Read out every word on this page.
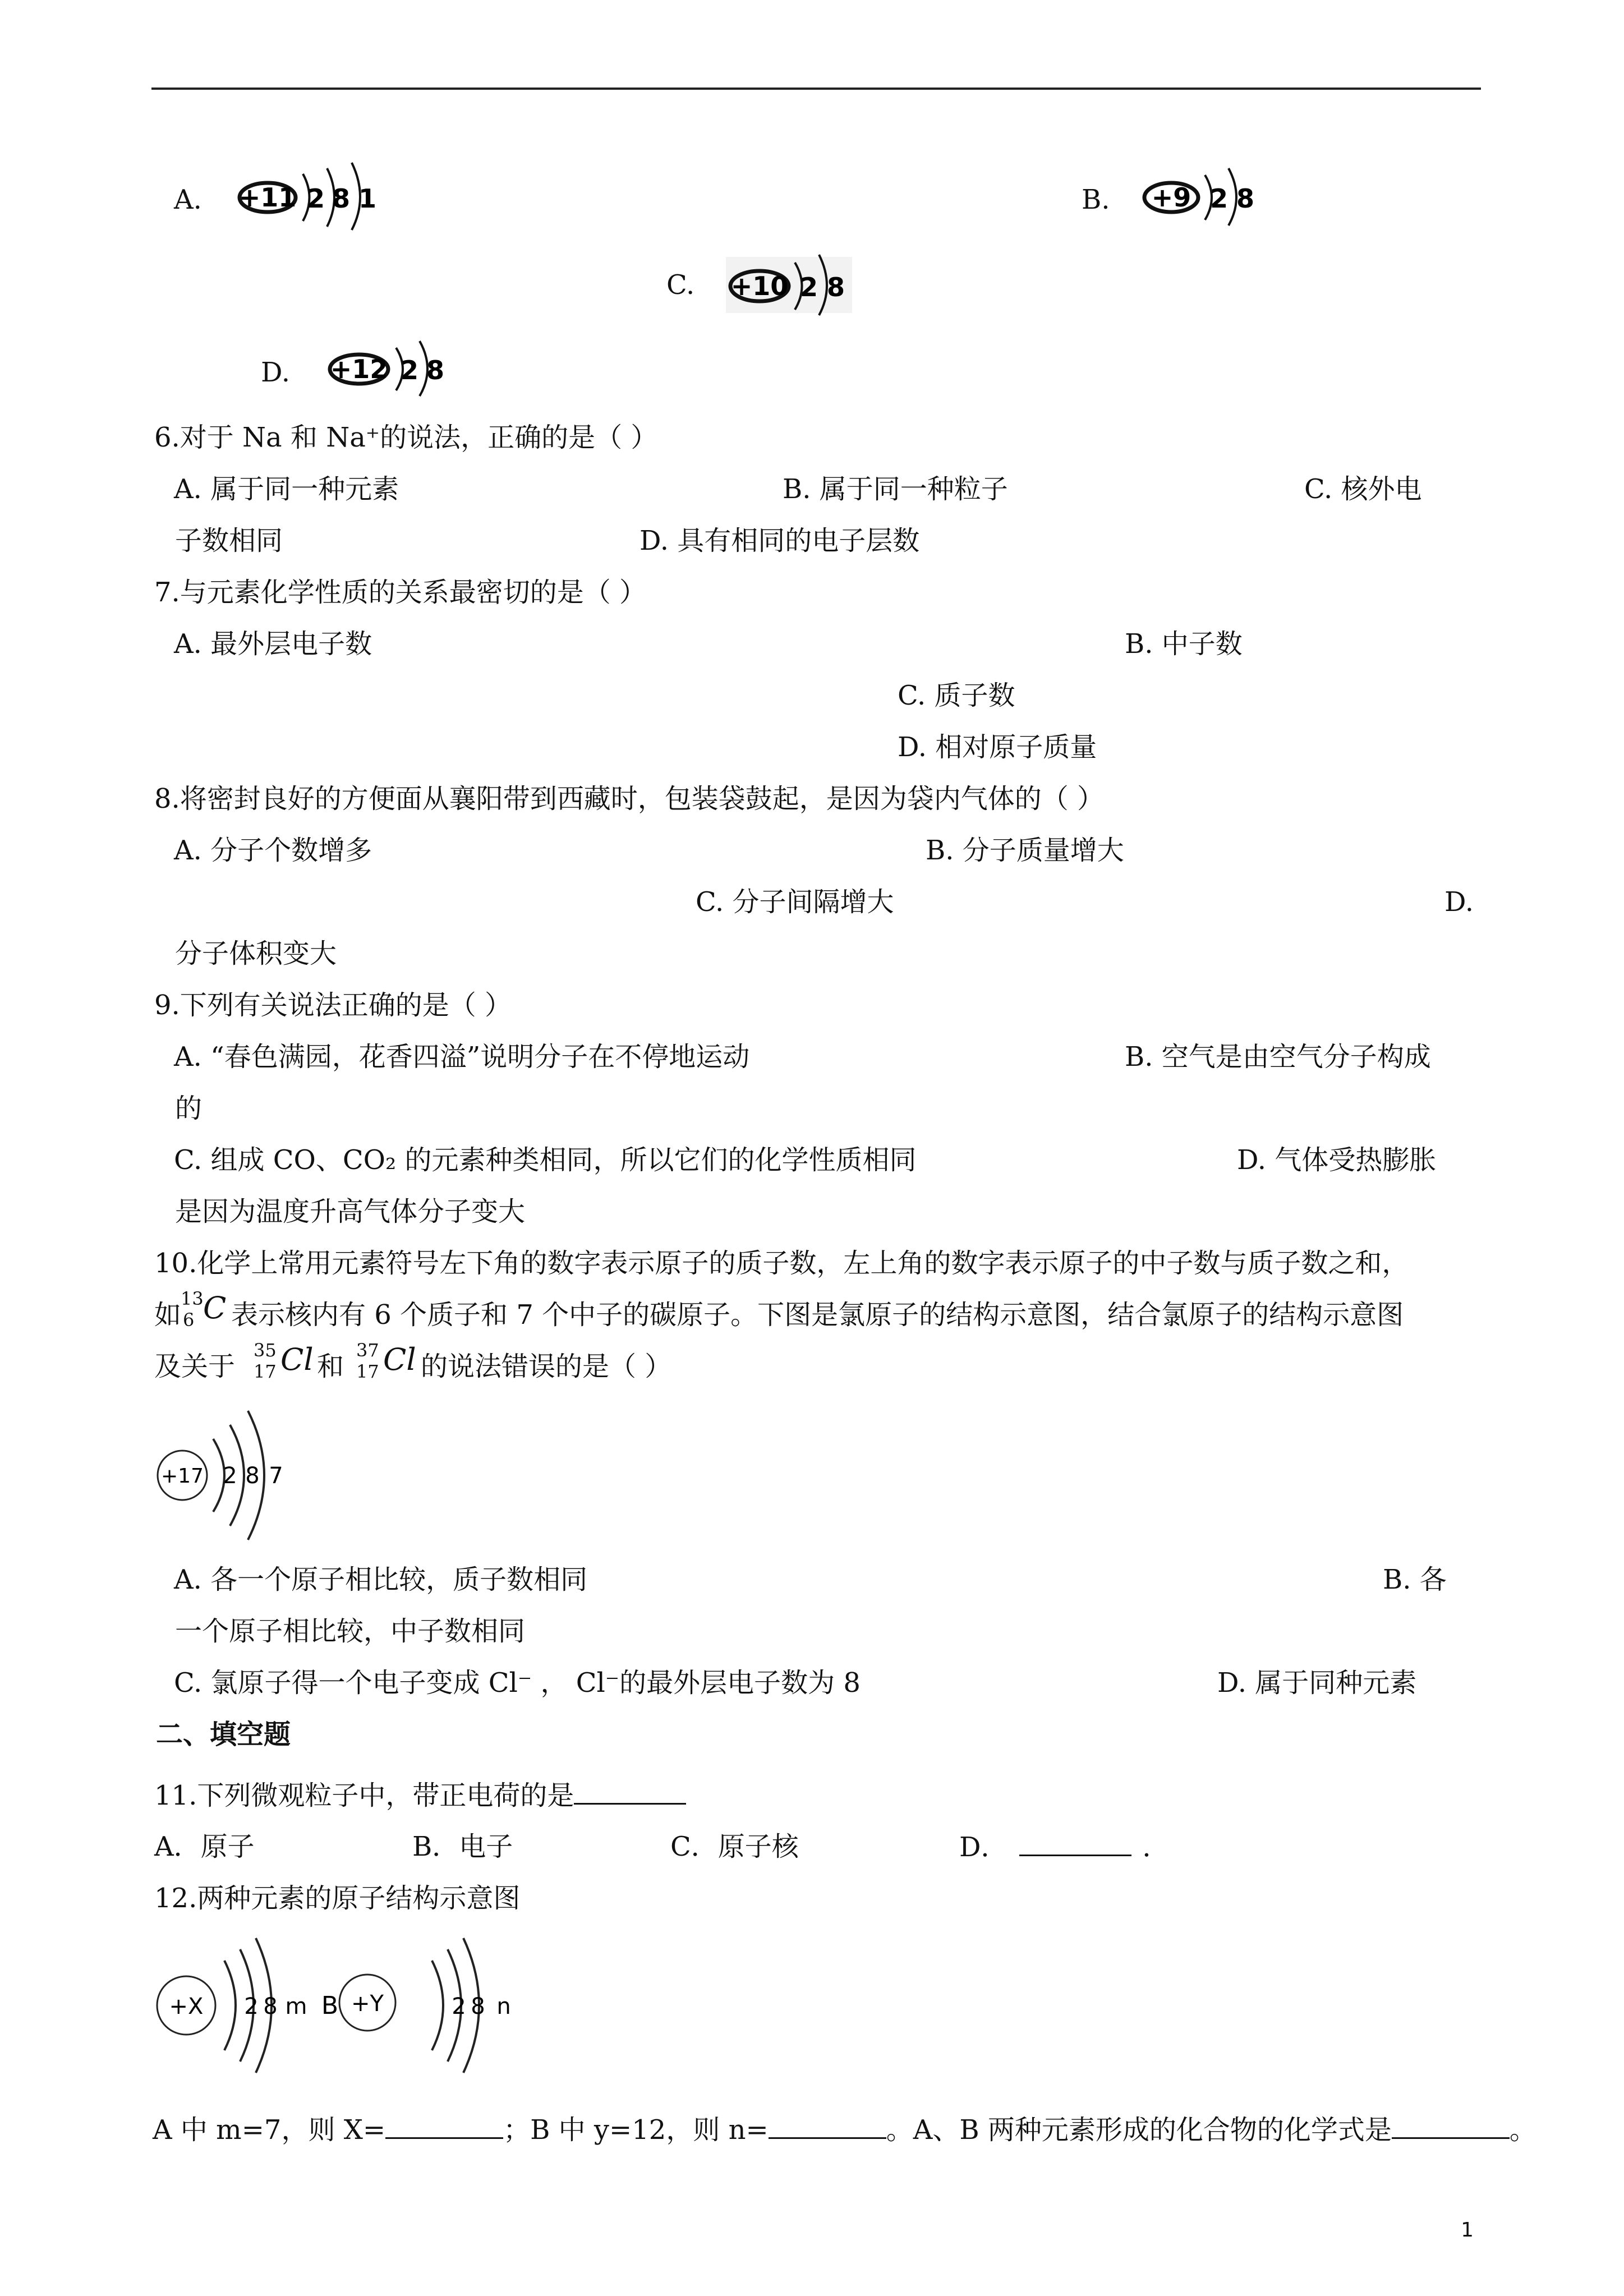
A. +11 2 8 1	B. +9 2 8
C. +10 2 8
D. +12 2 8
6.对于 Na 和 Na⁺的说法，正确的是（ ）
A. 属于同一种元素	B. 属于同一种粒子	C. 核外电
子数相同	D. 具有相同的电子层数
7.与元素化学性质的关系最密切的是（ ）
A. 最外层电子数	B. 中子数
C. 质子数
D. 相对原子质量
8.将密封良好的方便面从襄阳带到西藏时，包装袋鼓起，是因为袋内气体的（ ）
A. 分子个数增多	B. 分子质量增大
C. 分子间隔增大	D.
分子体积变大
9.下列有关说法正确的是（ ）
A. “春色满园，花香四溢”说明分子在不停地运动	B. 空气是由空气分子构成
的
C. 组成 CO、CO₂ 的元素种类相同，所以它们的化学性质相同	D. 气体受热膨胀
是因为温度升高气体分子变大
10.化学上常用元素符号左下角的数字表示原子的质子数，左上角的数字表示原子的中子数与质子数之和，
如
13
6 C 表示核内有 6 个质子和 7 个中子的碳原子。下图是氯原子的结构示意图，结合氯原子的结构示意图
及关于
35
17 Cl 和
37
17 Cl 的说法错误的是（ ）
+17 2 8 7
A. 各一个原子相比较，质子数相同	B. 各
一个原子相比较，中子数相同
C. 氯原子得一个电子变成 Cl⁻ ， Cl⁻的最外层电子数为 8	D. 属于同种元素
二、填空题
11.下列微观粒子中，带正电荷的是
A．原子	B．电子	C．原子核	D．	．
12.两种元素的原子结构示意图
+X 2 8 m B +Y	2 8 n
A 中 m=7，则 X=	；B 中 y=12，则 n=	。A、B 两种元素形成的化合物的化学式是	。
1
